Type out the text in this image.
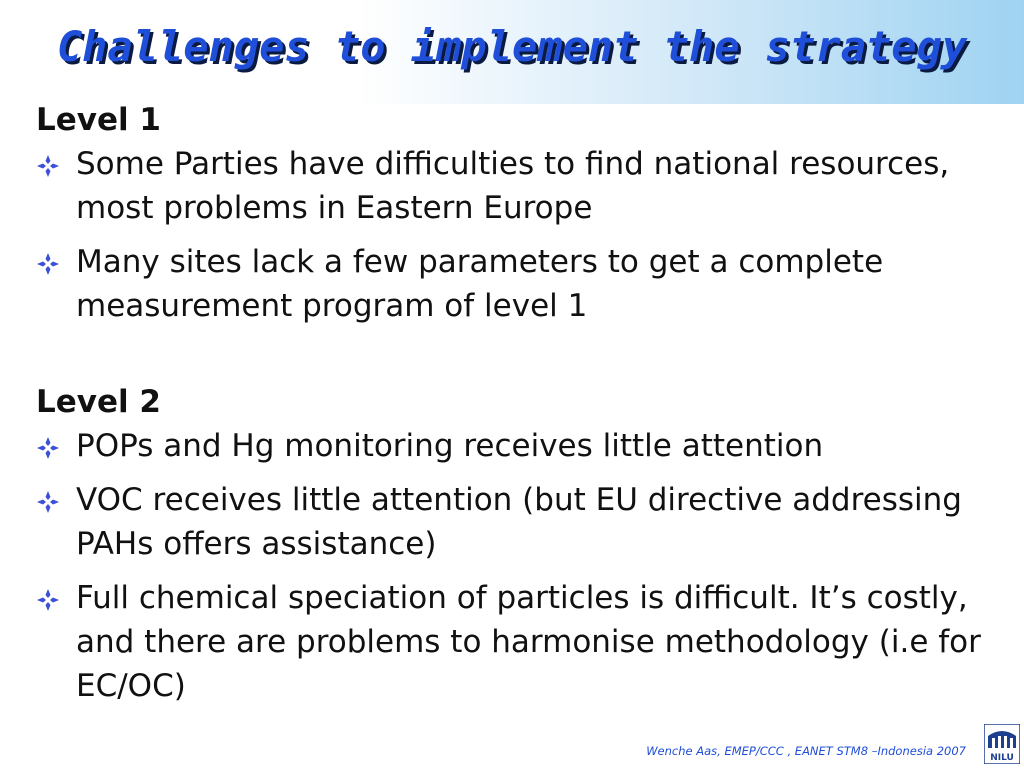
Challenges to implement the strategy

Level 1

Some Parties have difficulties to find national resources, most problems in Eastern Europe
Many sites lack a few parameters to get a complete measurement program of level 1

Level 2

POPs and Hg monitoring receives little attention
VOC receives little attention (but EU directive addressing PAHs offers assistance)
Full chemical speciation of particles is difficult. It’s costly, and there are problems to harmonise methodology (i.e for EC/OC)
Wenche Aas, EMEP/CCC , EANET STM8 –Indonesia 2007	NILU
